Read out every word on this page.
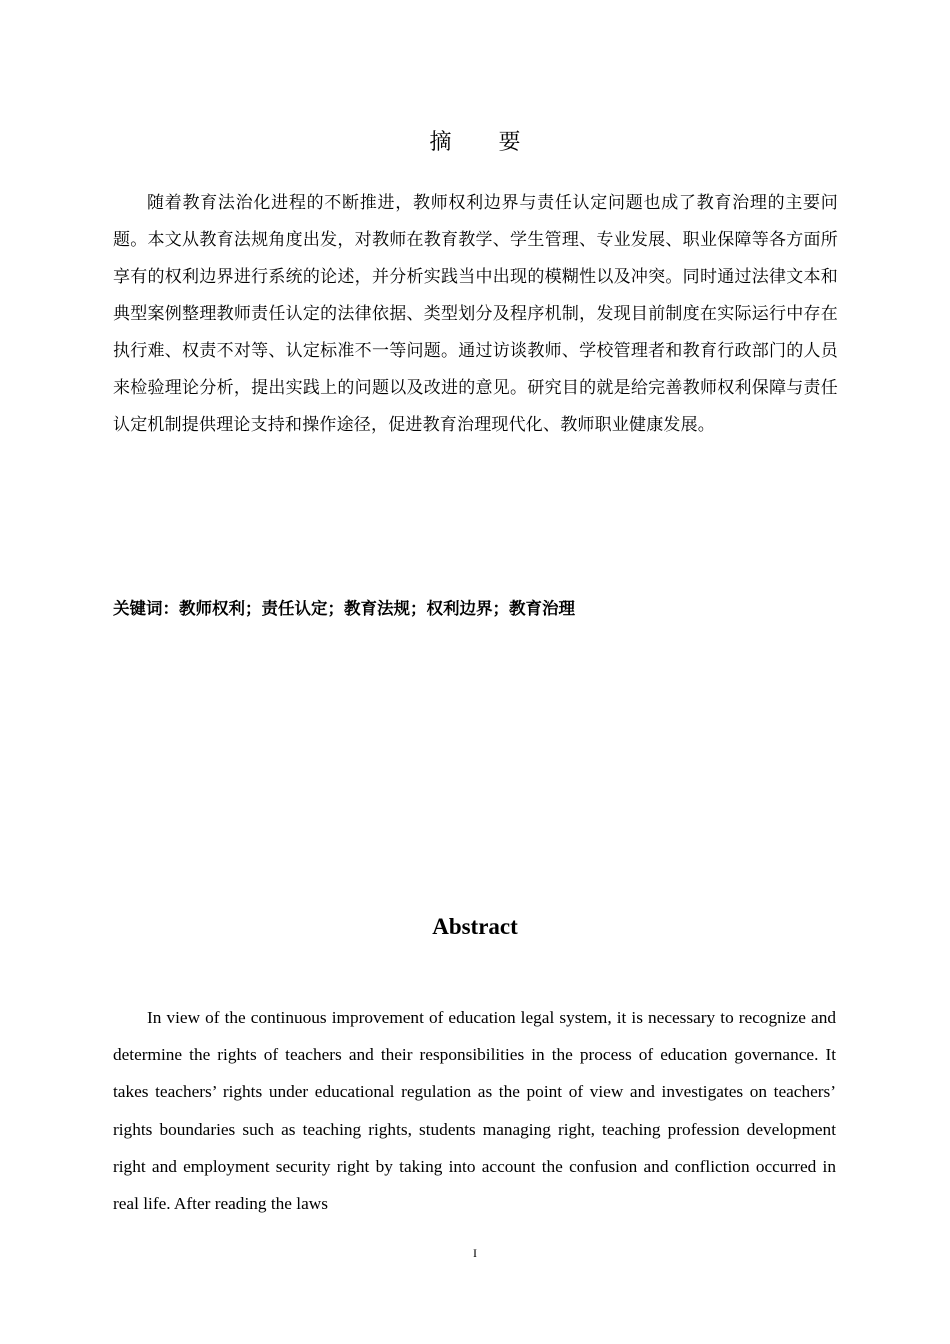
摘 要

随着教育法治化进程的不断推进，教师权利边界与责任认定问题也成了教育治理的主要问题。本文从教育法规角度出发，对教师在教育教学、学生管理、专业发展、职业保障等各方面所享有的权利边界进行系统的论述，并分析实践当中出现的模糊性以及冲突。同时通过法律文本和典型案例整理教师责任认定的法律依据、类型划分及程序机制，发现目前制度在实际运行中存在执行难、权责不对等、认定标准不一等问题。通过访谈教师、学校管理者和教育行政部门的人员来检验理论分析，提出实践上的问题以及改进的意见。研究目的就是给完善教师权利保障与责任认定机制提供理论支持和操作途径，促进教育治理现代化、教师职业健康发展。

关键词：教师权利；责任认定；教育法规；权利边界；教育治理

Abstract

In view of the continuous improvement of education legal system, it is necessary to recognize and determine the rights of teachers and their responsibilities in the process of education governance. It takes teachers’ rights under educational regulation as the point of view and investigates on teachers’ rights boundaries such as teaching rights, students managing right, teaching profession development right and employment security right by taking into account the confusion and confliction occurred in real life. After reading the laws

I
